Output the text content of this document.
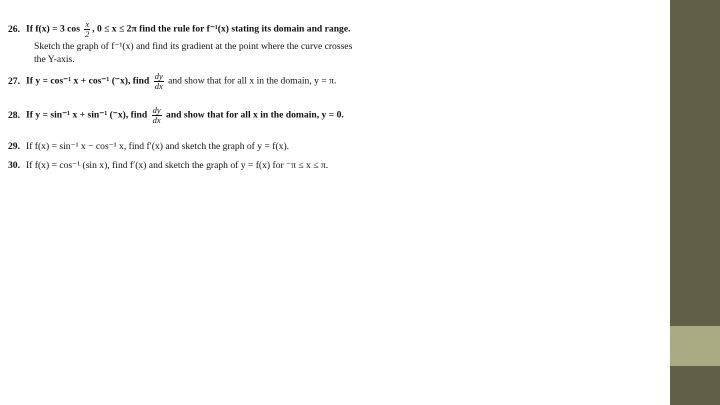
26. If f(x) = 3 $\cos \frac{x}{2}$ , 0 ≤ x ≤ 2π find the rule for f⁻¹(x) stating its domain and range.
Sketch the graph of f⁻¹(x) and find its gradient at the point where the curve crosses
the Y-axis.
27. If y = cos⁻¹ x + cos⁻¹ (⁻x), find $\frac{dy}{dx}$ and show that for all x in the domain, y = π.
28. If y = sin⁻¹ x + sin⁻¹ (⁻x), find $\frac{dy}{dx}$ and show that for all x in the domain, y = 0.
29. If f(x) = sin⁻¹ x − cos⁻¹ x, find f′(x) and sketch the graph of y = f(x).
30. If f(x) = cos⁻¹ (sin x), find f′(x) and sketch the graph of y = f(x) for ⁻π ≤ x ≤ π.
